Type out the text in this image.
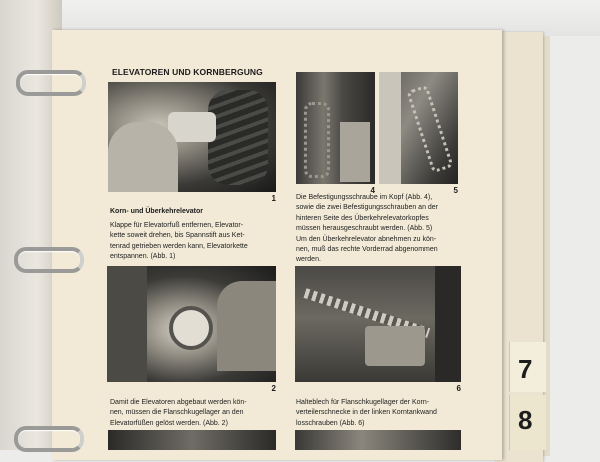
7
8
ELEVATOREN UND KORNBERGUNG
1
4	5
Korn- und Überkehrelevator
Klappe für Elevatorfuß entfernen, Elevator-
kette soweit drehen, bis Spannstift aus Ket-
tenrad getrieben werden kann, Elevatorkette
entspannen. (Abb. 1)
Die Befestigungsschraube im Kopf (Abb. 4),
sowie die zwei Befestigungsschrauben an der
hinteren Seite des Überkehrelevatorkopfes
müssen herausgeschraubt werden. (Abb. 5)
Um den Überkehrelevator abnehmen zu kön-
nen, muß das rechte Vorderrad abgenommen
werden.
2	6
Damit die Elevatoren abgebaut werden kön-
nen, müssen die Flanschkugellager an den
Elevatorfüßen gelöst werden. (Abb. 2)
Halteblech für Flanschkugellager der Korn-
verteilerschnecke in der linken Korntankwand
losschrauben (Abb. 6)
